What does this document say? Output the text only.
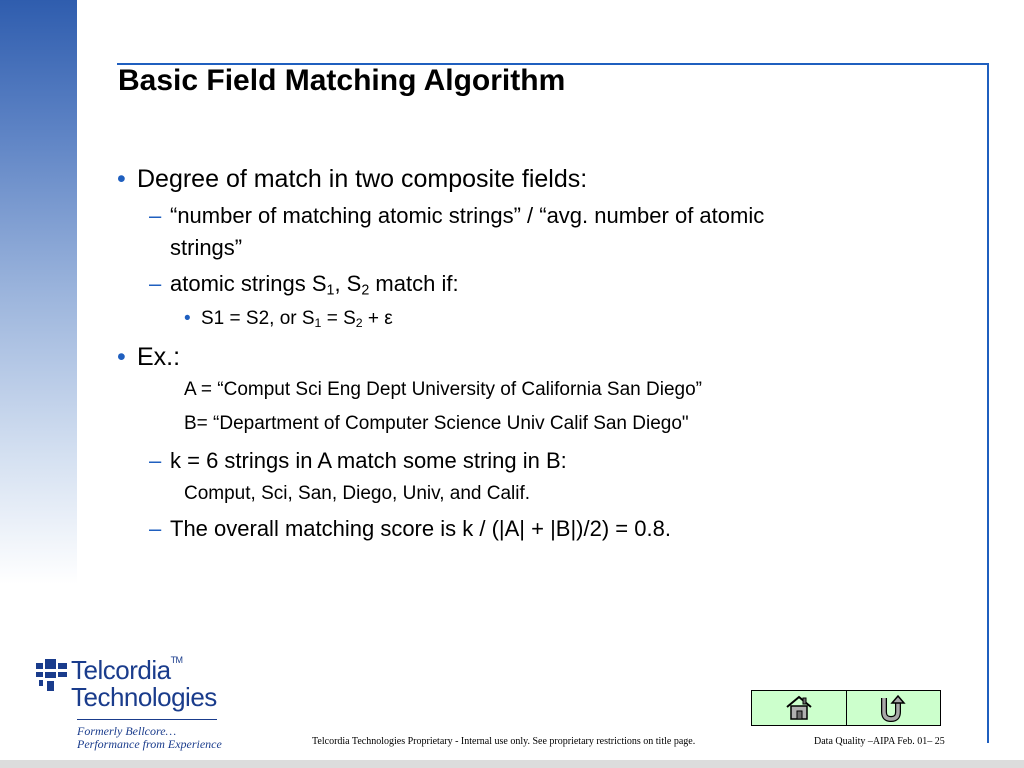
Basic Field Matching Algorithm
• Degree of match in two composite fields:
– “number of matching atomic strings” / “avg. number of atomic
strings”
– atomic strings $S_1$, $S_2$ match if:
• S1 = S2, or $S_1 = S_2 + \varepsilon$
• Ex.:
A = “Comput Sci Eng Dept University of California San Diego”
B= “Department of Computer Science Univ Calif San Diego"
– k = 6 strings in A match some string in B:
Comput, Sci, San, Diego, Univ, and Calif.
– The overall matching score is k / (|A| + |B|)/2) = 0.8.
Telcordia™
Technologies
Formerly Bellcore…
Performance from Experience	Telcordia Technologies Proprietary - Internal use only. See proprietary restrictions on title page.	Data Quality –AIPA Feb. 01– 25
